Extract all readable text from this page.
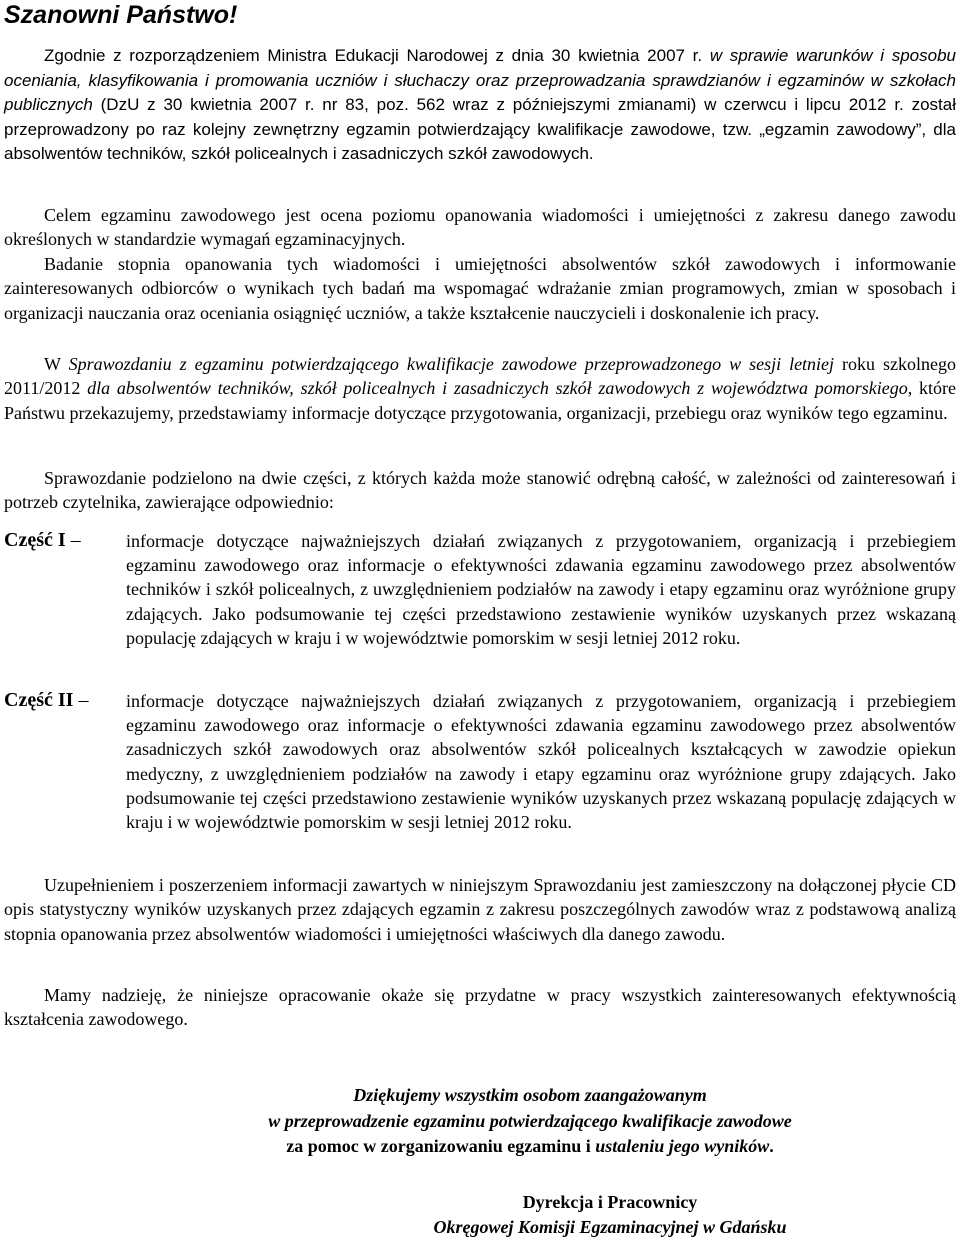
Szanowni Państwo!

Zgodnie z rozporządzeniem Ministra Edukacji Narodowej z dnia 30 kwietnia 2007 r. w sprawie warunków i sposobu oceniania, klasyfikowania i promowania uczniów i słuchaczy oraz przeprowadzania sprawdzianów i egzaminów w szkołach publicznych (DzU z 30 kwietnia 2007 r. nr 83, poz. 562 wraz z późniejszymi zmianami) w czerwcu i lipcu 2012 r. został przeprowadzony po raz kolejny zewnętrzny egzamin potwierdzający kwalifikacje zawodowe, tzw. „egzamin zawodowy”, dla absolwentów techników, szkół policealnych i zasadniczych szkół zawodowych.

Celem egzaminu zawodowego jest ocena poziomu opanowania wiadomości i umiejętności z zakresu danego zawodu określonych w standardzie wymagań egzaminacyjnych.

Badanie stopnia opanowania tych wiadomości i umiejętności absolwentów szkół zawodowych i informowanie zainteresowanych odbiorców o wynikach tych badań ma wspomagać wdrażanie zmian programowych, zmian w sposobach i organizacji nauczania oraz oceniania osiągnięć uczniów, a także kształcenie nauczycieli i doskonalenie ich pracy.

W Sprawozdaniu z egzaminu potwierdzającego kwalifikacje zawodowe przeprowadzonego w sesji letniej roku szkolnego 2011/2012 dla absolwentów techników, szkół policealnych i zasadniczych szkół zawodowych z województwa pomorskiego, które Państwu przekazujemy, przedstawiamy informacje dotyczące przygotowania, organizacji, przebiegu oraz wyników tego egzaminu.

Sprawozdanie podzielono na dwie części, z których każda może stanowić odrębną całość, w zależności od zainteresowań i potrzeb czytelnika, zawierające odpowiednio:

Część I –	informacje dotyczące najważniejszych działań związanych z przygotowaniem, organizacją i przebiegiem egzaminu zawodowego oraz informacje o efektywności zdawania egzaminu zawodowego przez absolwentów techników i szkół policealnych, z uwzględnieniem podziałów na zawody i etapy egzaminu oraz wyróżnione grupy zdających. Jako podsumowanie tej części przedstawiono zestawienie wyników uzyskanych przez wskazaną populację zdających w kraju i w województwie pomorskim w sesji letniej 2012 roku.

Część II – informacje dotyczące najważniejszych działań związanych z przygotowaniem, organizacją i przebiegiem egzaminu zawodowego oraz informacje o efektywności zdawania egzaminu zawodowego przez absolwentów zasadniczych szkół zawodowych oraz absolwentów szkół policealnych kształcących w zawodzie opiekun medyczny, z uwzględnieniem podziałów na zawody i etapy egzaminu oraz wyróżnione grupy zdających. Jako podsumowanie tej części przedstawiono zestawienie wyników uzyskanych przez wskazaną populację zdających w kraju i w województwie pomorskim w sesji letniej 2012 roku.

Uzupełnieniem i poszerzeniem informacji zawartych w niniejszym Sprawozdaniu jest zamieszczony na dołączonej płycie CD opis statystyczny wyników uzyskanych przez zdających egzamin z zakresu poszczególnych zawodów wraz z podstawową analizą stopnia opanowania przez absolwentów wiadomości i umiejętności właściwych dla danego zawodu.

Mamy nadzieję, że niniejsze opracowanie okaże się przydatne w pracy wszystkich zainteresowanych efektywnością kształcenia zawodowego.

Dziękujemy wszystkim osobom zaangażowanym
w przeprowadzenie egzaminu potwierdzającego kwalifikacje zawodowe
za pomoc w zorganizowaniu egzaminu i ustaleniu jego wyników.

Dyrekcja i Pracownicy
Okręgowej Komisji Egzaminacyjnej w Gdańsku
